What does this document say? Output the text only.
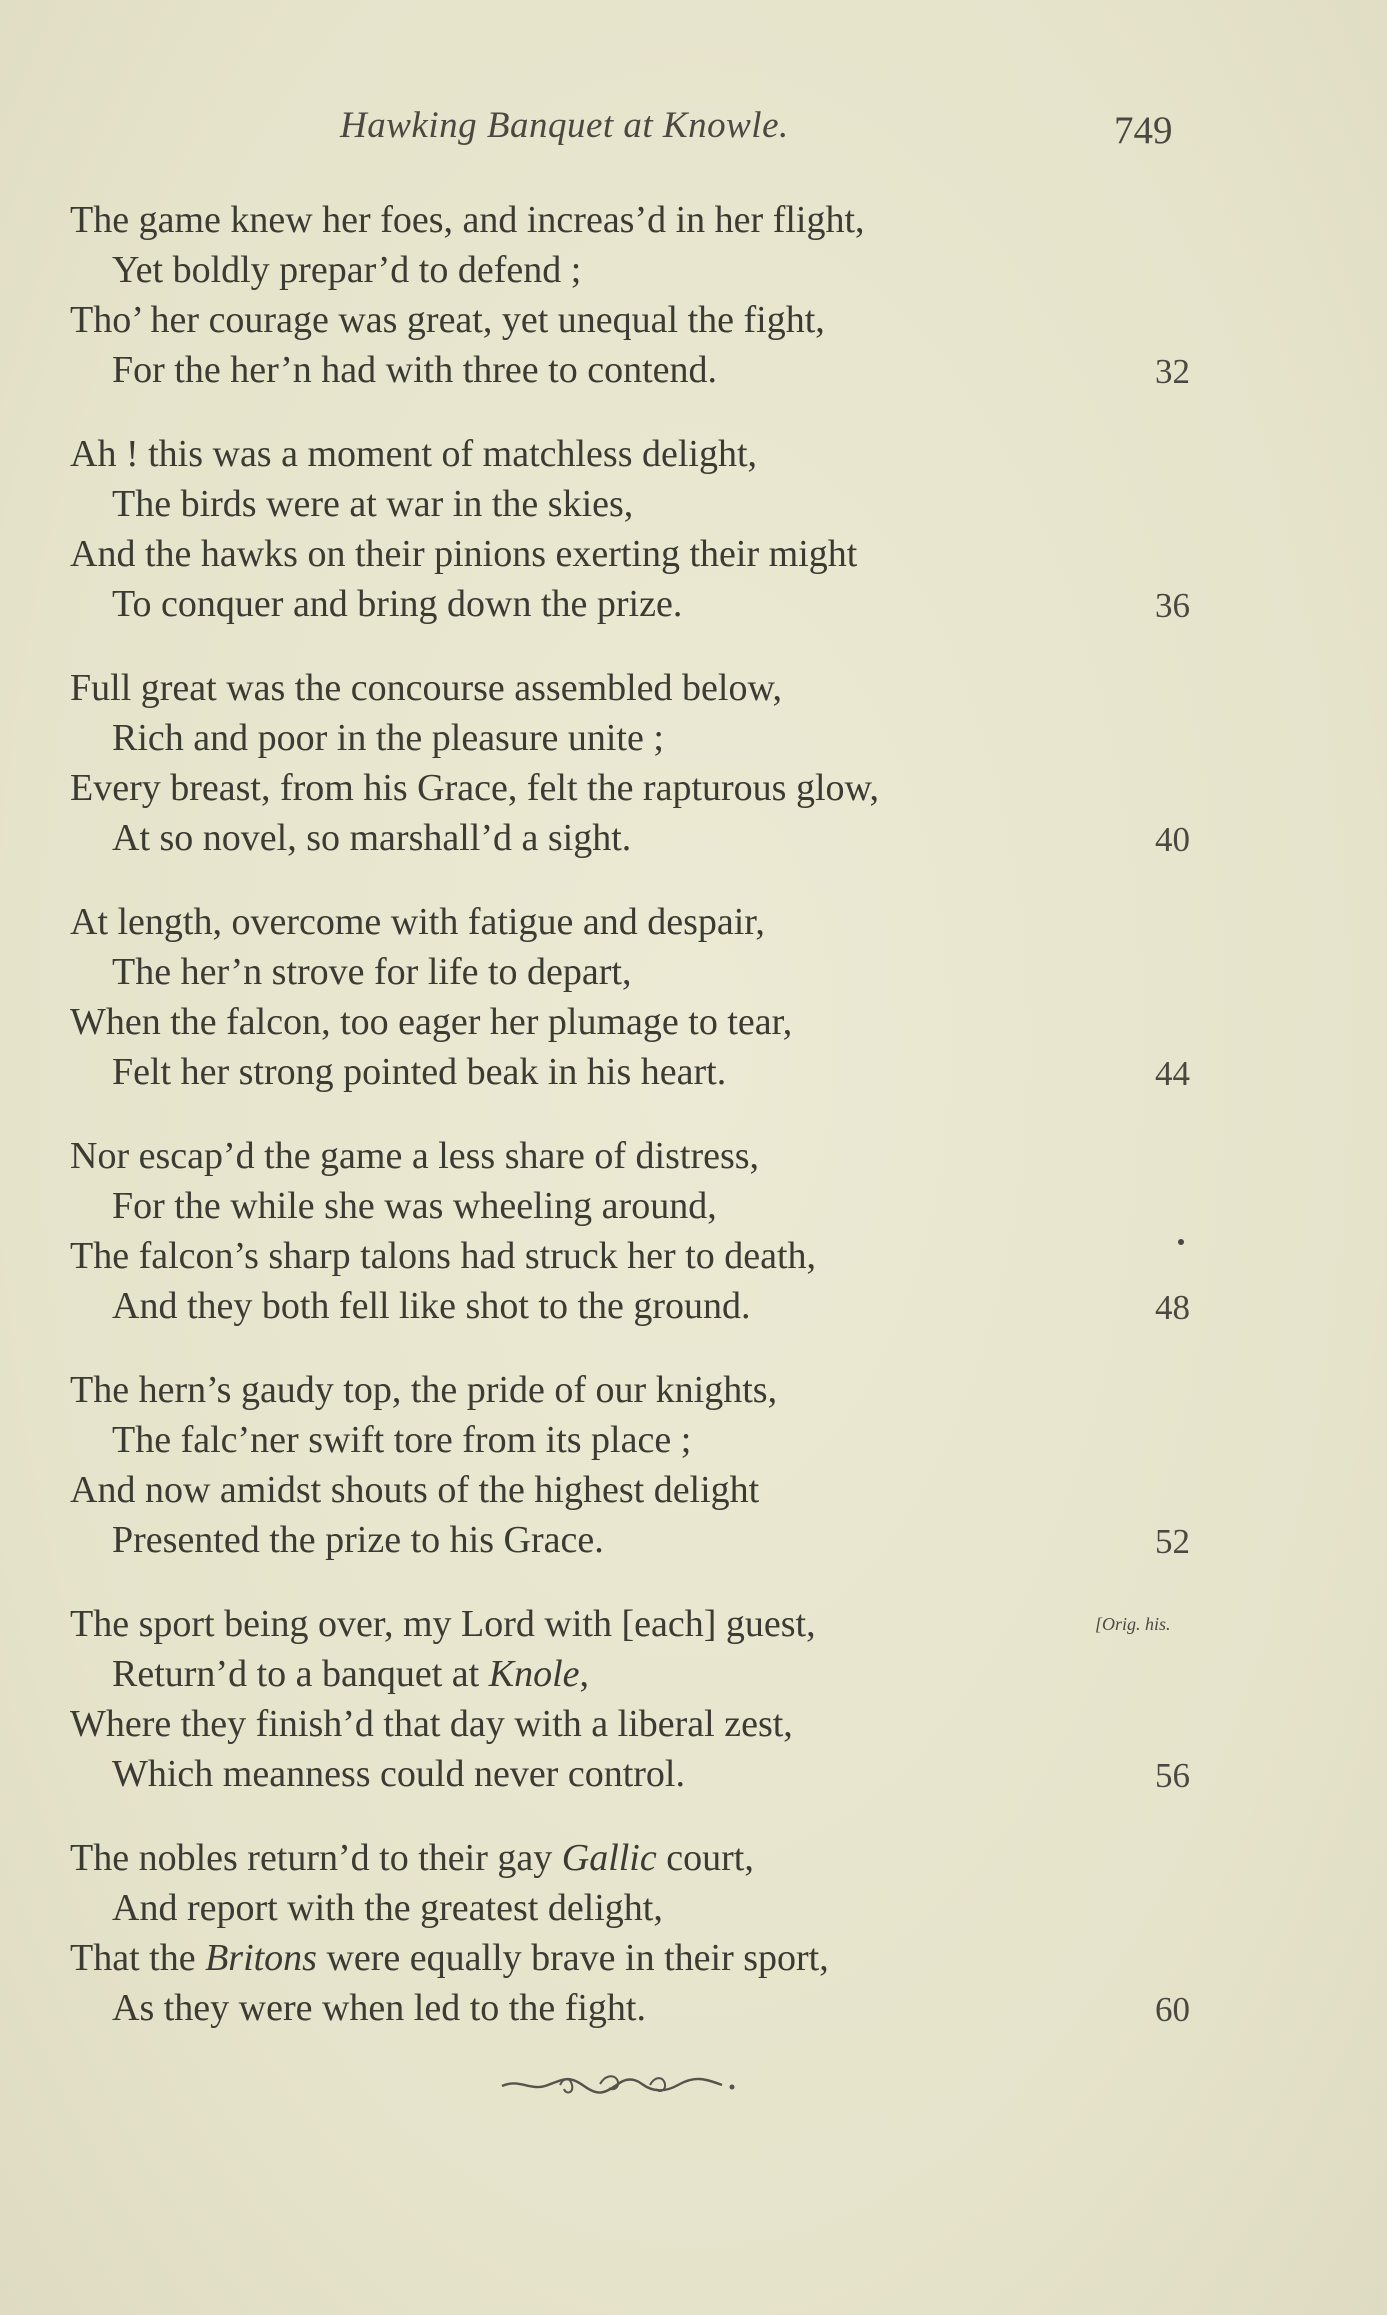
Hawking Banquet at Knowle.	749
The game knew her foes, and increas’d in her flight,
Yet boldly prepar’d to defend ;
Tho’ her courage was great, yet unequal the fight,
For the her’n had with three to contend.	32
Ah ! this was a moment of matchless delight,
The birds were at war in the skies,
And the hawks on their pinions exerting their might
To conquer and bring down the prize.	36
Full great was the concourse assembled below,
Rich and poor in the pleasure unite ;
Every breast, from his Grace, felt the rapturous glow,
At so novel, so marshall’d a sight.	40
At length, overcome with fatigue and despair,
The her’n strove for life to depart,
When the falcon, too eager her plumage to tear,
Felt her strong pointed beak in his heart.	44
Nor escap’d the game a less share of distress,
For the while she was wheeling around,
The falcon’s sharp talons had struck her to death,
And they both fell like shot to the ground.	48
The hern’s gaudy top, the pride of our knights,
The falc’ner swift tore from its place ;
And now amidst shouts of the highest delight
Presented the prize to his Grace.	52
The sport being over, my Lord with [each] guest,	[Orig. his.
Return’d to a banquet at Knole,
Where they finish’d that day with a liberal zest,
Which meanness could never control.	56
The nobles return’d to their gay Gallic court,
And report with the greatest delight,
That the Britons were equally brave in their sport,
As they were when led to the fight.	60
